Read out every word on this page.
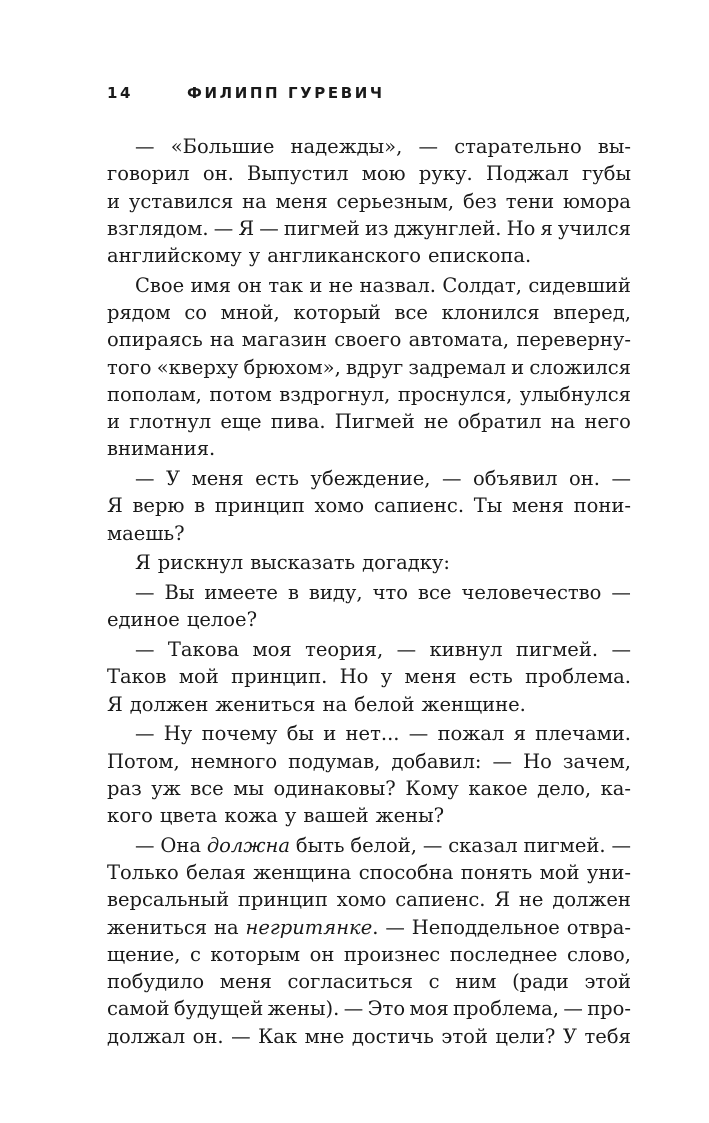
14	ФИЛИПП ГУРЕВИЧ
— «Большие надежды», — старательно вы-
говорил он. Выпустил мою руку. Поджал губы
и уставился на меня серьезным, без тени юмора
взглядом. — Я — пигмей из джунглей. Но я учился
английскому у англиканского епископа.
Свое имя он так и не назвал. Солдат, сидевший
рядом со мной, который все клонился вперед,
опираясь на магазин своего автомата, переверну-
того «кверху брюхом», вдруг задремал и сложился
пополам, потом вздрогнул, проснулся, улыбнулся
и глотнул еще пива. Пигмей не обратил на него
внимания.
— У меня есть убеждение, — объявил он. —
Я верю в принцип хомо сапиенс. Ты меня пони-
маешь?
Я рискнул высказать догадку:
— Вы имеете в виду, что все человечество —
единое целое?
— Такова моя теория, — кивнул пигмей. —
Таков мой принцип. Но у меня есть проблема.
Я должен жениться на белой женщине.
— Ну почему бы и нет... — пожал я плечами.
Потом, немного подумав, добавил: — Но зачем,
раз уж все мы одинаковы? Кому какое дело, ка-
кого цвета кожа у вашей жены?
— Она должна быть белой, — сказал пигмей. —
Только белая женщина способна понять мой уни-
версальный принцип хомо сапиенс. Я не должен
жениться на негритянке. — Неподдельное отвра-
щение, с которым он произнес последнее слово,
побудило меня согласиться с ним (ради этой
самой будущей жены). — Это моя проблема, — про-
должал он. — Как мне достичь этой цели? У тебя
